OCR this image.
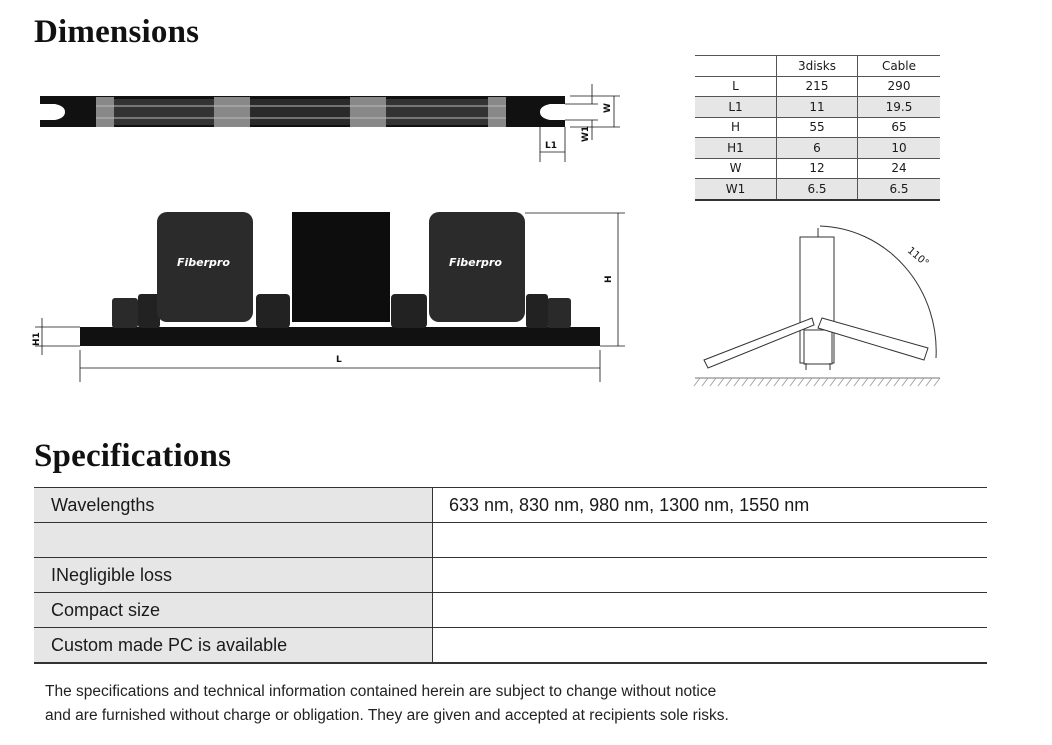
Dimensions
W
W1
L1
Fiberpro	Fiberpro
H
H1
L
110°
	3disks	Cable
L	215	290
L1	11	19.5
H	55	65
H1	6	10
W	12	24
W1	6.5	6.5
Specifications
Wavelengths	633 nm, 830 nm, 980 nm, 1300 nm, 1550 nm

INegligible loss	
Compact size	
Custom made PC is available	

The specifications and technical information contained herein are subject to change without notice
and are furnished without charge or obligation. They are given and accepted at recipients sole risks.
